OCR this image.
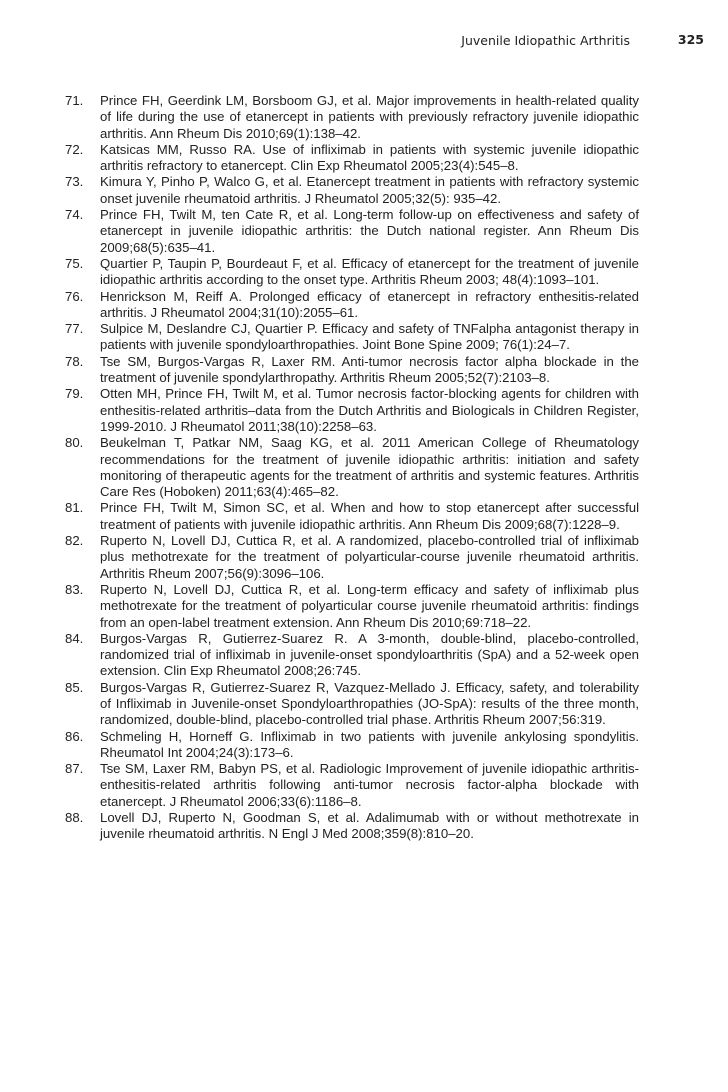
Juvenile Idiopathic Arthritis	325
71.	Prince FH, Geerdink LM, Borsboom GJ, et al. Major improvements in health-related quality of life during the use of etanercept in patients with previously refractory juvenile idiopathic arthritis. Ann Rheum Dis 2010;69(1):138–42.
72.	Katsicas MM, Russo RA. Use of infliximab in patients with systemic juvenile idiopathic arthritis refractory to etanercept. Clin Exp Rheumatol 2005;23(4):545–8.
73.	Kimura Y, Pinho P, Walco G, et al. Etanercept treatment in patients with refractory systemic onset juvenile rheumatoid arthritis. J Rheumatol 2005;32(5): 935–42.
74.	Prince FH, Twilt M, ten Cate R, et al. Long-term follow-up on effectiveness and safety of etanercept in juvenile idiopathic arthritis: the Dutch national register. Ann Rheum Dis 2009;68(5):635–41.
75.	Quartier P, Taupin P, Bourdeaut F, et al. Efficacy of etanercept for the treatment of juvenile idiopathic arthritis according to the onset type. Arthritis Rheum 2003; 48(4):1093–101.
76.	Henrickson M, Reiff A. Prolonged efficacy of etanercept in refractory enthesitis-related arthritis. J Rheumatol 2004;31(10):2055–61.
77.	Sulpice M, Deslandre CJ, Quartier P. Efficacy and safety of TNFalpha antagonist therapy in patients with juvenile spondyloarthropathies. Joint Bone Spine 2009; 76(1):24–7.
78.	Tse SM, Burgos-Vargas R, Laxer RM. Anti-tumor necrosis factor alpha blockade in the treatment of juvenile spondylarthropathy. Arthritis Rheum 2005;52(7):2103–8.
79.	Otten MH, Prince FH, Twilt M, et al. Tumor necrosis factor-blocking agents for children with enthesitis-related arthritis–data from the Dutch Arthritis and Biologicals in Children Register, 1999-2010. J Rheumatol 2011;38(10):2258–63.
80.	Beukelman T, Patkar NM, Saag KG, et al. 2011 American College of Rheumatology recommendations for the treatment of juvenile idiopathic arthritis: initiation and safety monitoring of therapeutic agents for the treatment of arthritis and systemic features. Arthritis Care Res (Hoboken) 2011;63(4):465–82.
81.	Prince FH, Twilt M, Simon SC, et al. When and how to stop etanercept after successful treatment of patients with juvenile idiopathic arthritis. Ann Rheum Dis 2009;68(7):1228–9.
82.	Ruperto N, Lovell DJ, Cuttica R, et al. A randomized, placebo-controlled trial of infliximab plus methotrexate for the treatment of polyarticular-course juvenile rheumatoid arthritis. Arthritis Rheum 2007;56(9):3096–106.
83.	Ruperto N, Lovell DJ, Cuttica R, et al. Long-term efficacy and safety of infliximab plus methotrexate for the treatment of polyarticular course juvenile rheumatoid arthritis: findings from an open-label treatment extension. Ann Rheum Dis 2010;69:718–22.
84.	Burgos-Vargas R, Gutierrez-Suarez R. A 3-month, double-blind, placebo-controlled, randomized trial of infliximab in juvenile-onset spondyloarthritis (SpA) and a 52-week open extension. Clin Exp Rheumatol 2008;26:745.
85.	Burgos-Vargas R, Gutierrez-Suarez R, Vazquez-Mellado J. Efficacy, safety, and tolerability of Infliximab in Juvenile-onset Spondyloarthropathies (JO-SpA): results of the three month, randomized, double-blind, placebo-controlled trial phase. Arthritis Rheum 2007;56:319.
86.	Schmeling H, Horneff G. Infliximab in two patients with juvenile ankylosing spondylitis. Rheumatol Int 2004;24(3):173–6.
87.	Tse SM, Laxer RM, Babyn PS, et al. Radiologic Improvement of juvenile idiopathic arthritis-enthesitis-related arthritis following anti-tumor necrosis factor-alpha blockade with etanercept. J Rheumatol 2006;33(6):1186–8.
88.	Lovell DJ, Ruperto N, Goodman S, et al. Adalimumab with or without methotrexate in juvenile rheumatoid arthritis. N Engl J Med 2008;359(8):810–20.
